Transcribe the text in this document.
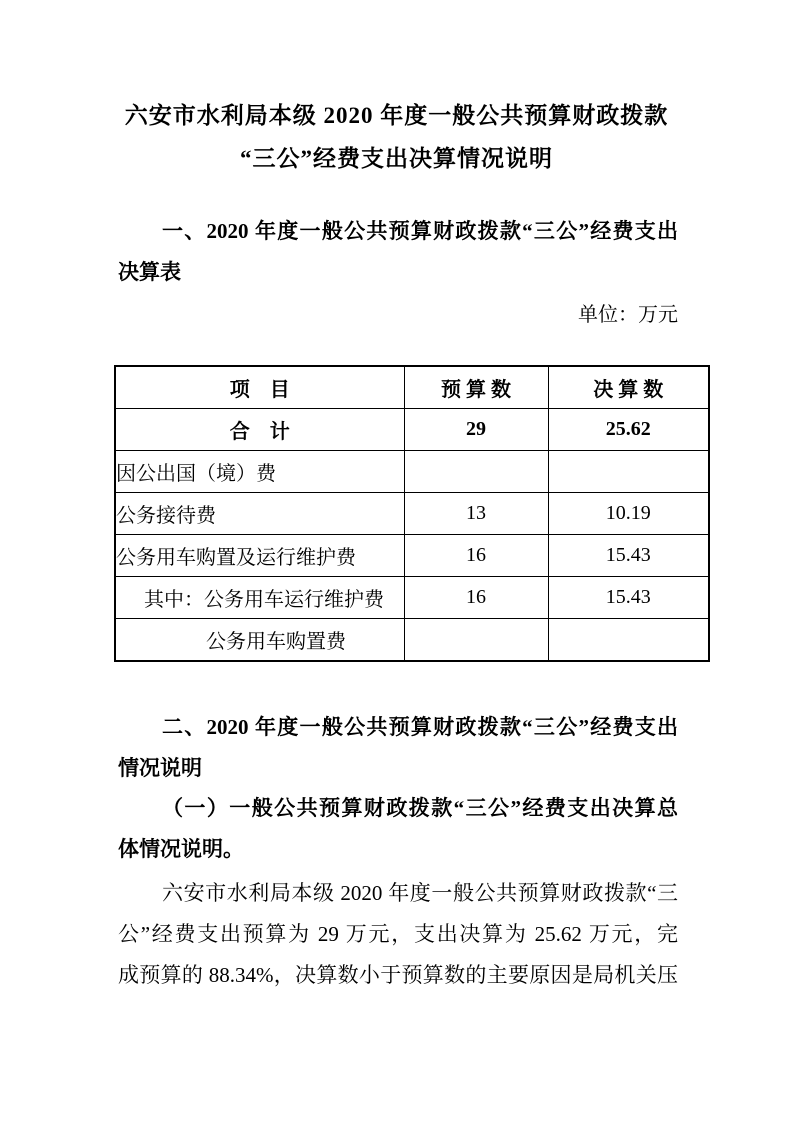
六安市水利局本级 2020 年度一般公共预算财政拨款
“三公”经费支出决算情况说明
一、2020 年度一般公共预算财政拨款“三公”经费支出
决算表
单位：万元
项　目	预 算 数	决 算 数
合　计	29	25.62
因公出国（境）费		
公务接待费	13	10.19
公务用车购置及运行维护费	16	15.43
其中：公务用车运行维护费	16	15.43
公务用车购置费		
二、2020 年度一般公共预算财政拨款“三公”经费支出
情况说明
（一）一般公共预算财政拨款“三公”经费支出决算总
体情况说明。
六安市水利局本级 2020 年度一般公共预算财政拨款“三
公”经费支出预算为 29 万元，支出决算为 25.62 万元，完
成预算的 88.34%，决算数小于预算数的主要原因是局机关压
